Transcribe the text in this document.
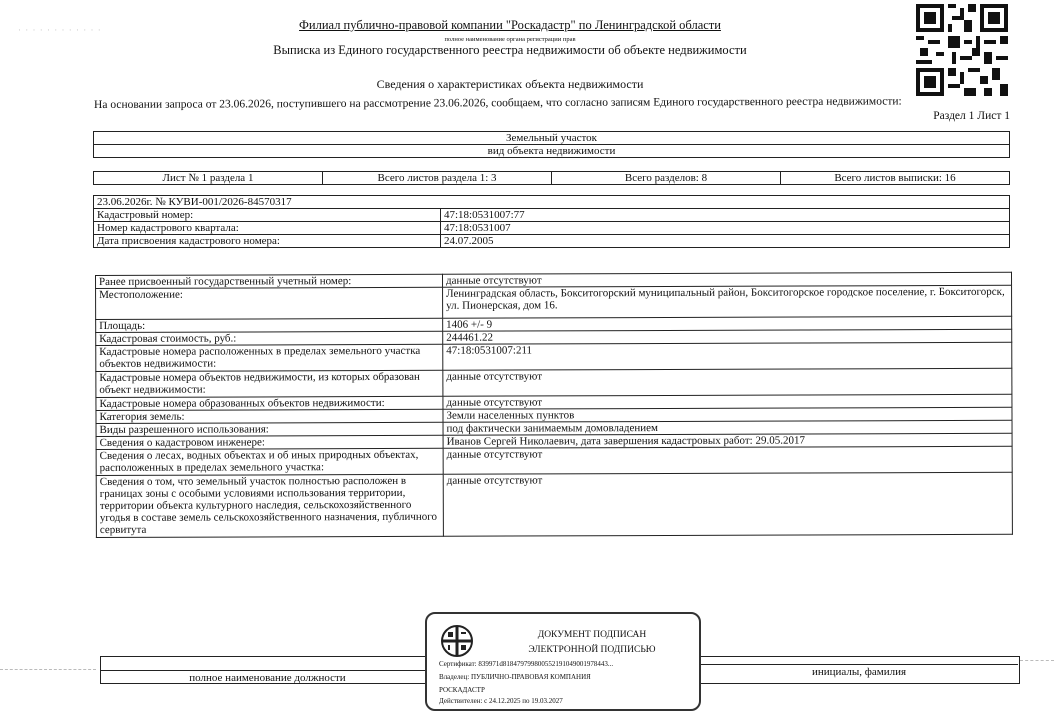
· · · · · · · · · · · ·	Филиал публично-правовой компании "Роскадастр" по Ленинградской области
полное наименование органа регистрации прав
Выписка из Единого государственного реестра недвижимости об объекте недвижимости
Сведения о характеристиках объекта недвижимости
На основании запроса от 23.06.2026, поступившего на рассмотрение 23.06.2026, сообщаем, что согласно записям Единого государственного реестра недвижимости:
Раздел 1 Лист 1
Земельный участок
вид объекта недвижимости
Лист № 1 раздела 1	Всего листов раздела 1: 3	Всего разделов: 8	Всего листов выписки: 16
23.06.2026г. № КУВИ-001/2026-84570317	
Кадастровый номер:	47:18:0531007:77
Номер кадастрового квартала:	47:18:0531007
Дата присвоения кадастрового номера:	24.07.2005
Ранее присвоенный государственный учетный номер:	данные отсутствуют
Местоположение:	Ленинградская область, Бокситогорский муниципальный район, Бокситогорское городское поселение, г. Бокситогорск, ул. Пионерская, дом 16.
Площадь:	1406 +/- 9
Кадастровая стоимость, руб.:	244461.22
Кадастровые номера расположенных в пределах земельного участка объектов недвижимости:	47:18:0531007:211
Кадастровые номера объектов недвижимости, из которых образован объект недвижимости:	данные отсутствуют
Кадастровые номера образованных объектов недвижимости:	данные отсутствуют
Категория земель:	Земли населенных пунктов
Виды разрешенного использования:	под фактически занимаемым домовладением
Сведения о кадастровом инженере:	Иванов Сергей Николаевич, дата завершения кадастровых работ: 29.05.2017
Сведения о лесах, водных объектах и об иных природных объектах, расположенных в пределах земельного участка:	данные отсутствуют
Сведения о том, что земельный участок полностью расположен в границах зоны с особыми условиями использования территории, территории объекта культурного наследия, сельскохозяйственного угодья в составе земель сельскохозяйственного назначения, публичного сервитута	данные отсутствуют
полное наименование должности	инициалы, фамилия
ДОКУМЕНТ ПОДПИСАН
ЭЛЕКТРОННОЙ ПОДПИСЬЮ
Сертификат: 839971d818479799800552191049001978443...
Владелец: ПУБЛИЧНО-ПРАВОВАЯ КОМПАНИЯ
РОСКАДАСТР
Действителен: с 24.12.2025 по 19.03.2027
